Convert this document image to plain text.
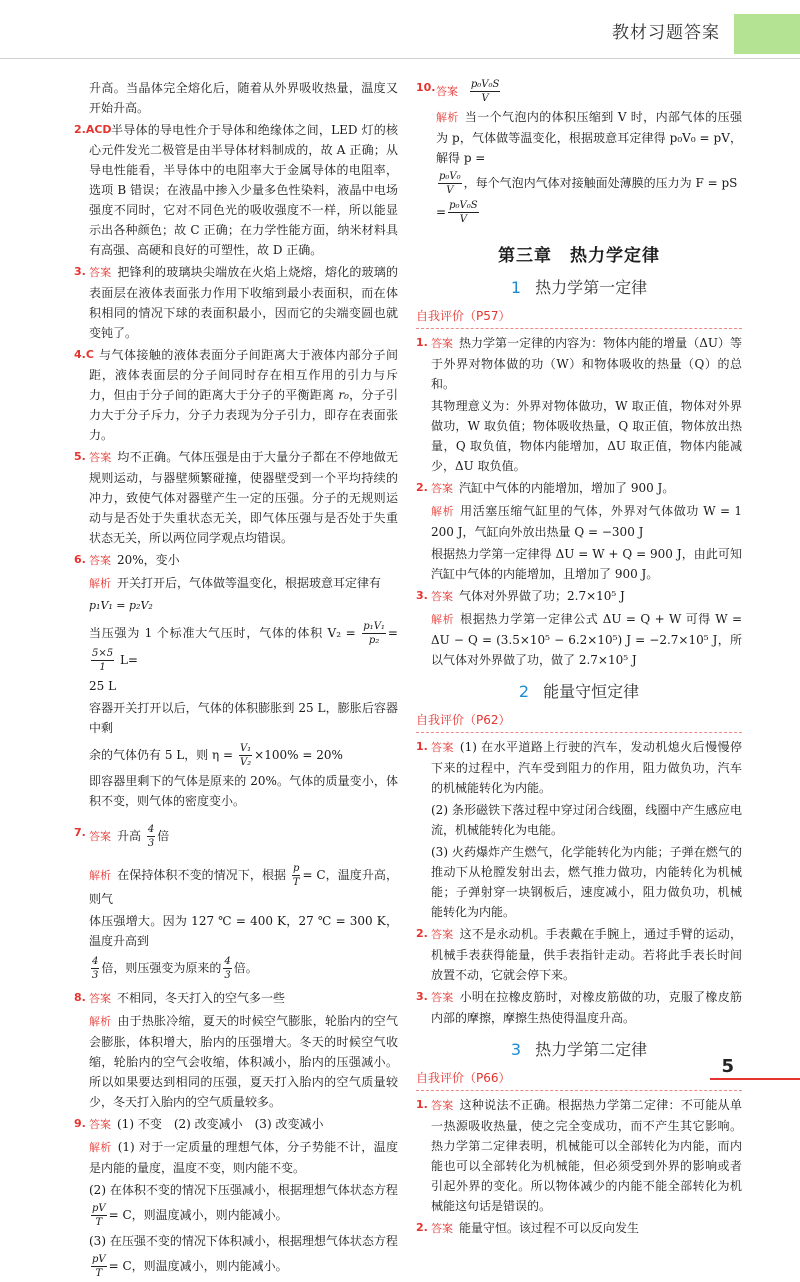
教材习题答案

升高。当晶体完全熔化后，随着从外界吸收热量，温度又开始升高。

2.ACD 半导体的导电性介于导体和绝缘体之间，LED 灯的核心元件发光二极管是由半导体材料制成的，故 A 正确；从导电性能看，半导体中的电阻率大于金属导体的电阻率，选项 B 错误；在液晶中掺入少量多色性染料，液晶中电场强度不同时，它对不同色光的吸收强度不一样，所以能显示出各种颜色；故 C 正确；在力学性能方面，纳米材料具有高强、高硬和良好的可塑性，故 D 正确。
3. 答案 把锋利的玻璃块尖端放在火焰上烧熔，熔化的玻璃的表面层在液体表面张力作用下收缩到最小表面积，而在体积相同的情况下球的表面积最小，因而它的尖端变圆也就变钝了。
4.C 与气体接触的液体表面分子间距离大于液体内部分子间距，液体表面层的分子间同时存在相互作用的引力与斥力，但由于分子间的距离大于分子的平衡距离 r₀，分子引力大于分子斥力，分子力表现为分子引力，即存在表面张力。
5. 答案 均不正确。气体压强是由于大量分子都在不停地做无规则运动，与器壁频繁碰撞，使器壁受到一个平均持续的冲力，致使气体对器壁产生一定的压强。分子的无规则运动与是否处于失重状态无关，即气体压强与是否处于失重状态无关，所以两位同学观点均错误。
6. 答案 20%，变小
解析 开关打开后，气体做等温变化，根据玻意耳定律有
p₁V₁ = p₂V₂
当压强为 1 个标准大气压时，气体的体积 $V_2 = \frac{\text{p₁V₁}}{\text{p₂}}$ =
$\frac{5\times 5}{1} L=$
25 L
容器开关打开以后，气体的体积膨胀到 25 L，膨胀后容器中剩
余的气体仍有 5 L，则 $\eta = \frac{\text{V₁}}{\text{V₂}} \times 100\% = 20\%$
即容器里剩下的气体是原来的 20%。气体的质量变小，体积不变，则气体的密度变小。
7. 答案 升高 $\frac{4}{3}$ 倍
解析 在保持体积不变的情况下，根据 $\frac{p}{T} = C$，温度升高，则气
体压强增大。因为 127 ℃ = 400 K，27 ℃ = 300 K，温度升高到
$\frac{4}{3}$ 倍，则压强变为原来的 $\frac{4}{3}$ 倍。
8. 答案 不相同，冬天打入的空气多一些
解析 由于热胀冷缩，夏天的时候空气膨胀，轮胎内的空气会膨胀，体积增大，胎内的压强增大。冬天的时候空气收缩，轮胎内的空气会收缩，体积减小，胎内的压强减小。所以如果要达到相同的压强，夏天打入胎内的空气质量较少，冬天打入胎内的空气质量较多。
9. 答案 (1) 不变　(2) 改变减小　(3) 改变减小
解析 (1) 对于一定质量的理想气体，分子势能不计，温度是内能的量度，温度不变，则内能不变。
(2) 在体积不变的情况下压强减小，根据理想气体状态方程
$\frac{pV}{T} = C$，则温度减小，则内能减小。
(3) 在压强不变的情况下体积减小，根据理想气体状态方程
$\frac{pV}{T} = C$，则温度减小，则内能减小。
10. 答案 $\frac{\text{p₀V₀S}}{V}$
解析 当一个气泡内的体积压缩到 V 时，内部气体的压强为 p，气体做等温变化，根据玻意耳定律得 p₀V₀ = pV，解得 p =
$\frac{\text{p₀V₀}}{V}$ ，每个气泡内气体对接触面处薄膜的压力为 F = pS
= $\frac{\text{p₀V₀S}}{V}$
第三章　热力学定律
1 热力学第一定律
自我评价（P57）
1. 答案 热力学第一定律的内容为：物体内能的增量（ΔU）等于外界对物体做的功（W）和物体吸收的热量（Q）的总和。
其物理意义为：外界对物体做功，W 取正值，物体对外界做功，W 取负值；物体吸收热量，Q 取正值，物体放出热量，Q 取负值，物体内能增加，ΔU 取正值，物体内能减少，ΔU 取负值。
2. 答案 汽缸中气体的内能增加，增加了 900 J。
解析 用活塞压缩气缸里的气体，外界对气体做功 W = 1 200 J，气缸向外放出热量 Q = −300 J
根据热力学第一定律得 ΔU = W + Q = 900 J，由此可知汽缸中气体的内能增加，且增加了 900 J。
3. 答案 气体对外界做了功；2.7×10⁵ J
解析 根据热力学第一定律公式 ΔU = Q + W 可得 W = ΔU − Q = (3.5×10⁵ − 6.2×10⁵) J = −2.7×10⁵ J，所以气体对外界做了功，做了 2.7×10⁵ J
2 能量守恒定律
自我评价（P62）
1. 答案 (1) 在水平道路上行驶的汽车，发动机熄火后慢慢停下来的过程中，汽车受到阻力的作用，阻力做负功，汽车的机械能转化为内能。
(2) 条形磁铁下落过程中穿过闭合线圈，线圈中产生感应电流，机械能转化为电能。
(3) 火药爆炸产生燃气，化学能转化为内能；子弹在燃气的推动下从枪膛发射出去，燃气推力做功，内能转化为机械能；子弹射穿一块钢板后，速度减小，阻力做负功，机械能转化为内能。
2. 答案 这不是永动机。手表戴在手腕上，通过手臂的运动，机械手表获得能量，供手表指针走动。若将此手表长时间放置不动，它就会停下来。
3. 答案 小明在拉橡皮筋时，对橡皮筋做的功，克服了橡皮筋内部的摩擦，摩擦生热使得温度升高。
3 热力学第二定律
自我评价（P66）
1. 答案 这种说法不正确。根据热力学第二定律：不可能从单一热源吸收热量，使之完全变成功，而不产生其它影响。热力学第二定律表明，机械能可以全部转化为内能，而内能也可以全部转化为机械能，但必须受到外界的影响或者引起外界的变化。所以物体减少的内能不能全部转化为机械能这句话是错误的。
2. 答案 能量守恒。该过程不可以反向发生
5
